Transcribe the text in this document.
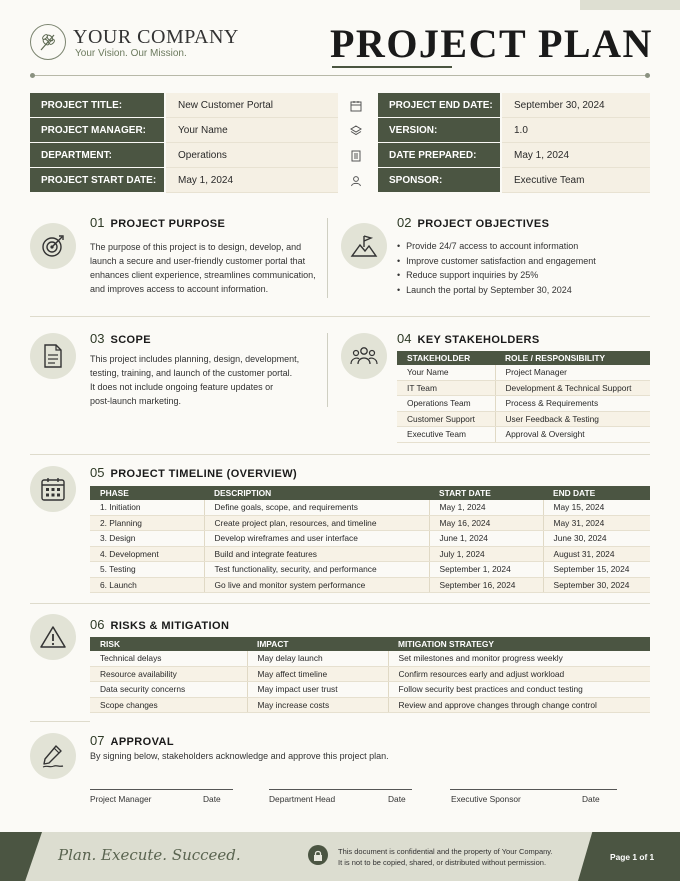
YOUR COMPANY
Your Vision. Our Mission.	PROJECT PLAN
PROJECT TITLE:	New Customer Portal
PROJECT MANAGER:	Your Name
DEPARTMENT:	Operations
PROJECT START DATE:	May 1, 2024
PROJECT END DATE:	September 30, 2024
VERSION:	1.0
DATE PREPARED:	May 1, 2024
SPONSOR:	Executive Team
01 PROJECT PURPOSE
The purpose of this project is to design, develop, and
launch a secure and user-friendly customer portal that
enhances client experience, streamlines communication,
and improves access to account information.
02 PROJECT OBJECTIVES
• Provide 24/7 access to account information
• Improve customer satisfaction and engagement
• Reduce support inquiries by 25%
• Launch the portal by September 30, 2024
03 SCOPE
This project includes planning, design, development,
testing, training, and launch of the customer portal.
It does not include ongoing feature updates or
post-launch marketing.
04 KEY STAKEHOLDERS
STAKEHOLDER	ROLE / RESPONSIBILITY
Your Name	Project Manager
IT Team	Development & Technical Support
Operations Team	Process & Requirements
Customer Support	User Feedback & Testing
Executive Team	Approval & Oversight
05 PROJECT TIMELINE (OVERVIEW)
PHASE	DESCRIPTION	START DATE	END DATE
1. Initiation	Define goals, scope, and requirements	May 1, 2024	May 15, 2024
2. Planning	Create project plan, resources, and timeline	May 16, 2024	May 31, 2024
3. Design	Develop wireframes and user interface	June 1, 2024	June 30, 2024
4. Development	Build and integrate features	July 1, 2024	August 31, 2024
5. Testing	Test functionality, security, and performance	September 1, 2024	September 15, 2024
6. Launch	Go live and monitor system performance	September 16, 2024	September 30, 2024
06 RISKS & MITIGATION
RISK	IMPACT	MITIGATION STRATEGY
Technical delays	May delay launch	Set milestones and monitor progress weekly
Resource availability	May affect timeline	Confirm resources early and adjust workload
Data security concerns	May impact user trust	Follow security best practices and conduct testing
Scope changes	May increase costs	Review and approve changes through change control
07 APPROVAL
By signing below, stakeholders acknowledge and approve this project plan.
Project Manager	Date	Department Head	Date	Executive Sponsor	Date
Plan. Execute. Succeed.	This document is confidential and the property of Your Company.
It is not to be copied, shared, or distributed without permission.
Page 1 of 1
